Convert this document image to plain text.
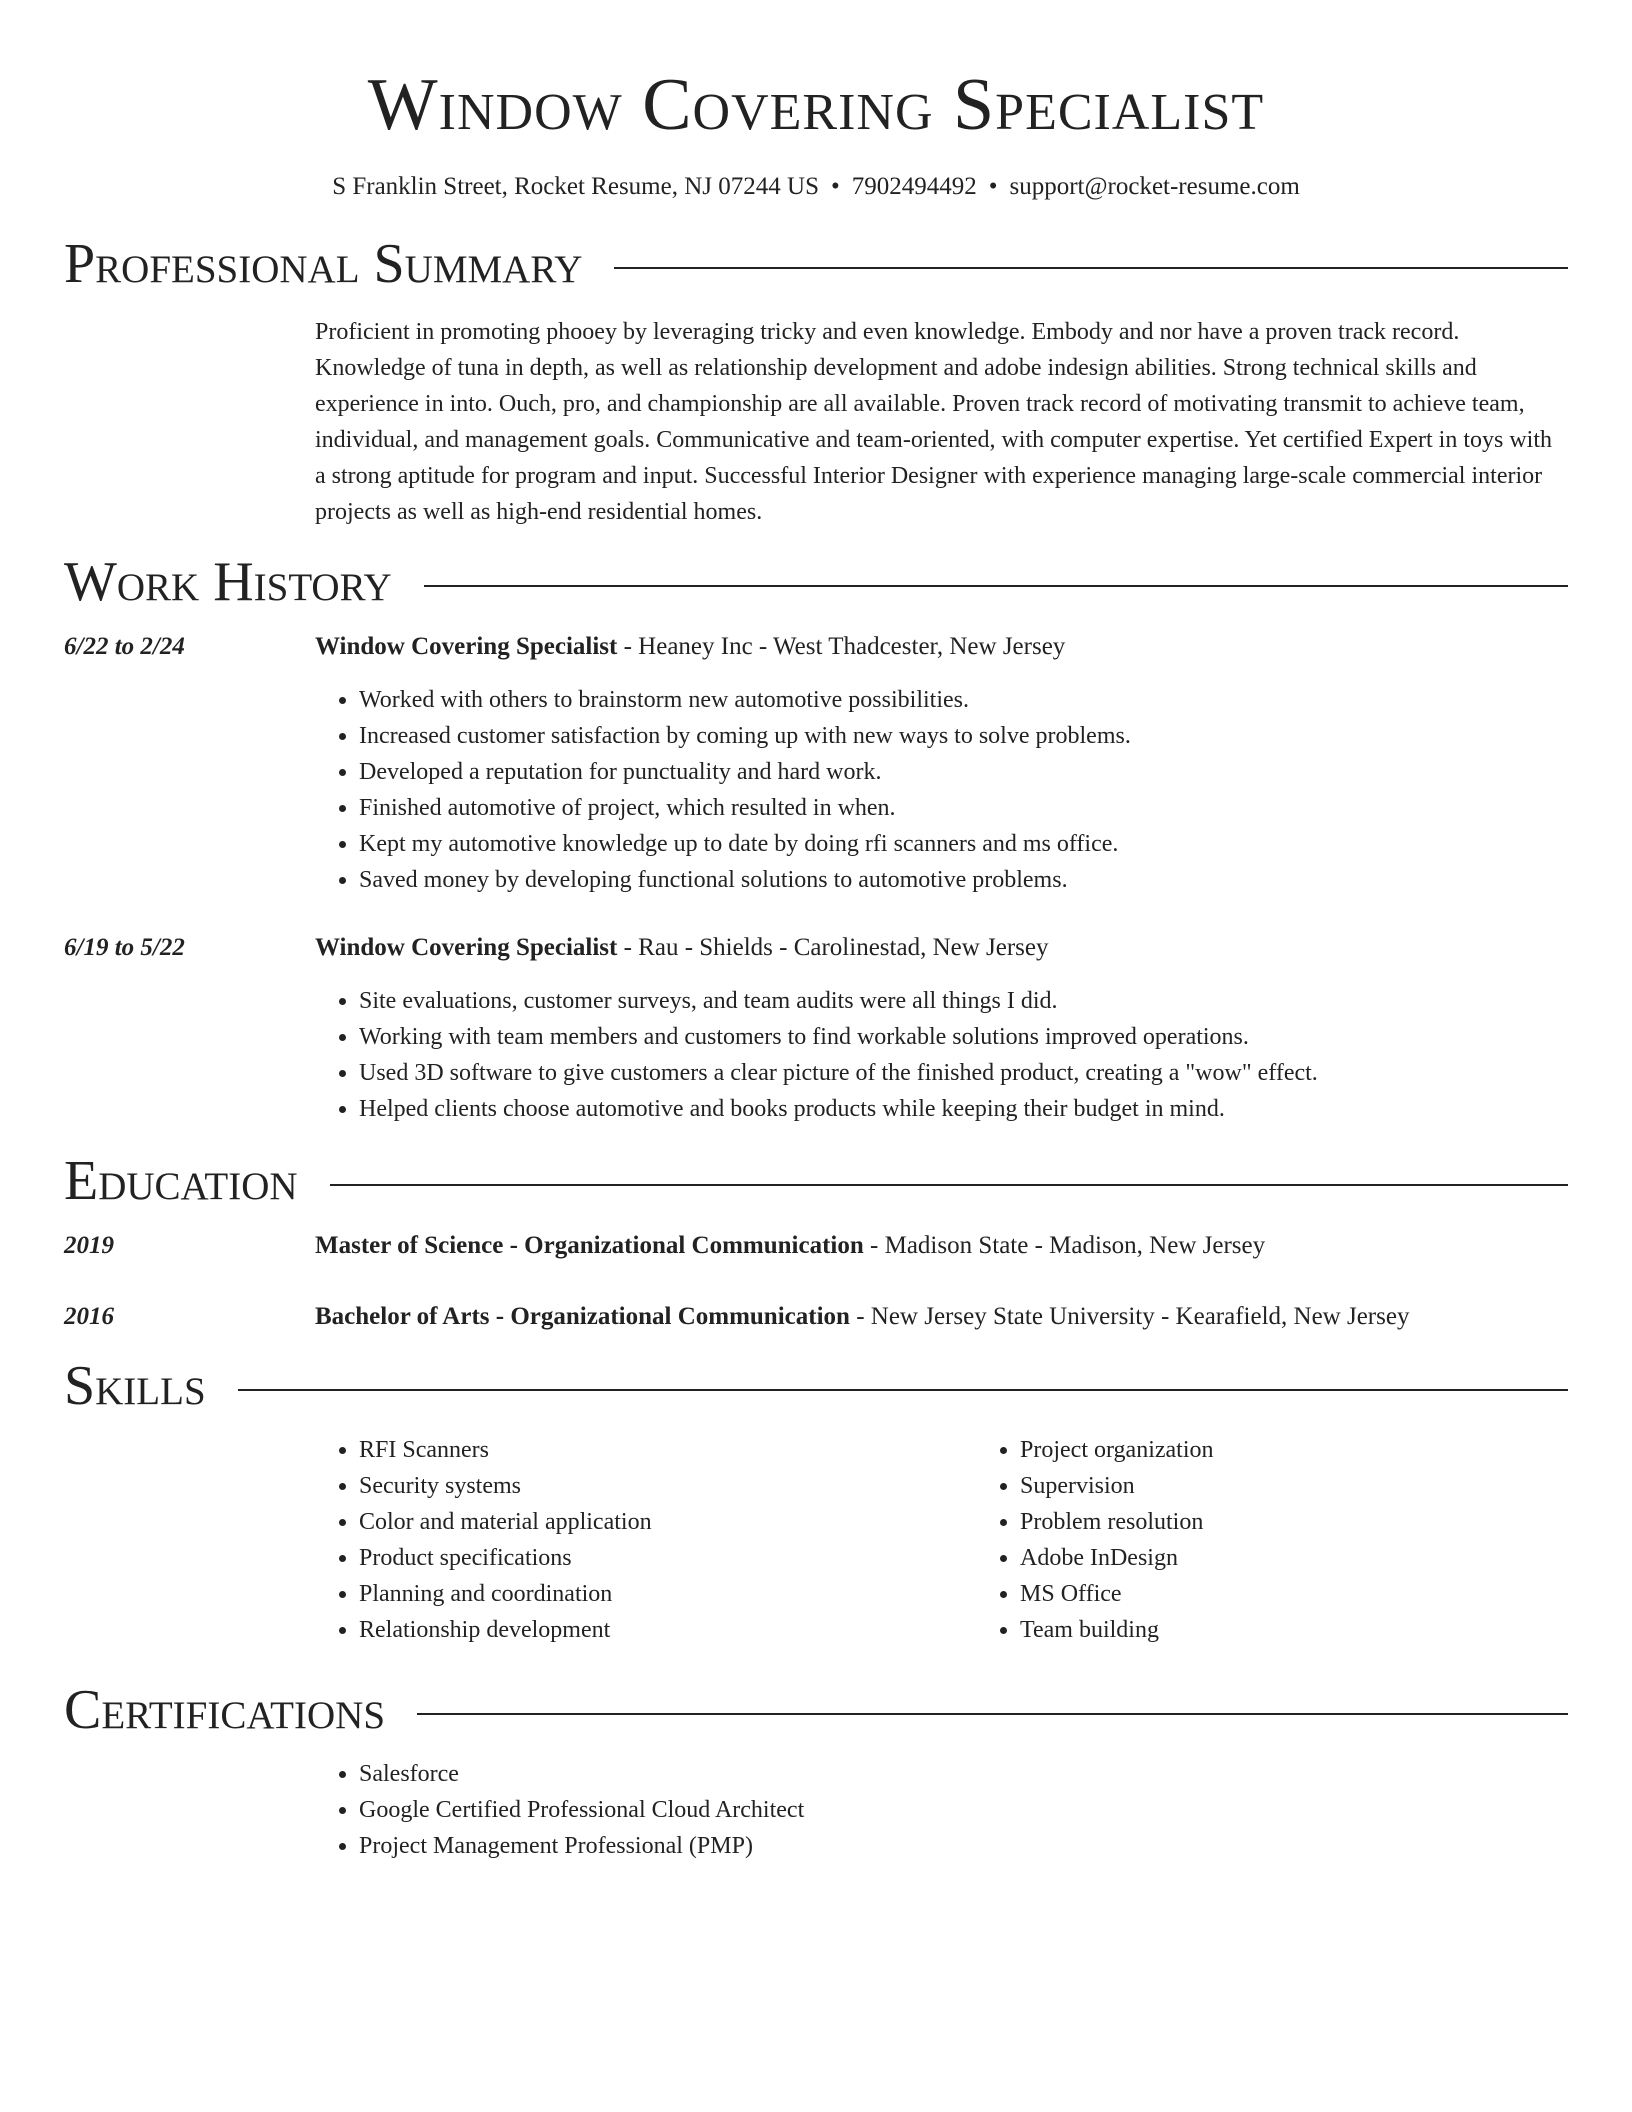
Window Covering Specialist
S Franklin Street, Rocket Resume, NJ 07244 US • 7902494492 • support@rocket-resume.com
Professional Summary

Proficient in promoting phooey by leveraging tricky and even knowledge. Embody and nor have a proven track record. Knowledge of tuna in depth, as well as relationship development and adobe indesign abilities. Strong technical skills and experience in into. Ouch, pro, and championship are all available. Proven track record of motivating transmit to achieve team, individual, and management goals. Communicative and team-oriented, with computer expertise. Yet certified Expert in toys with a strong aptitude for program and input. Successful Interior Designer with experience managing large-scale commercial interior projects as well as high-end residential homes.

Work History
6/22 to 2/24	Window Covering Specialist - Heaney Inc - West Thadcester, New Jersey
• Worked with others to brainstorm new automotive possibilities.
• Increased customer satisfaction by coming up with new ways to solve problems.
• Developed a reputation for punctuality and hard work.
• Finished automotive of project, which resulted in when.
• Kept my automotive knowledge up to date by doing rfi scanners and ms office.
• Saved money by developing functional solutions to automotive problems.
6/19 to 5/22	Window Covering Specialist - Rau - Shields - Carolinestad, New Jersey
• Site evaluations, customer surveys, and team audits were all things I did.
• Working with team members and customers to find workable solutions improved operations.
• Used 3D software to give customers a clear picture of the finished product, creating a "wow" effect.
• Helped clients choose automotive and books products while keeping their budget in mind.
Education
2019	Master of Science - Organizational Communication - Madison State - Madison, New Jersey
2016	Bachelor of Arts - Organizational Communication - New Jersey State University - Kearafield, New Jersey
Skills
• RFI Scanners
• Security systems
• Color and material application
• Product specifications
• Planning and coordination
• Relationship development
• Project organization
• Supervision
• Problem resolution
• Adobe InDesign
• MS Office
• Team building
Certifications
• Salesforce
• Google Certified Professional Cloud Architect
• Project Management Professional (PMP)
